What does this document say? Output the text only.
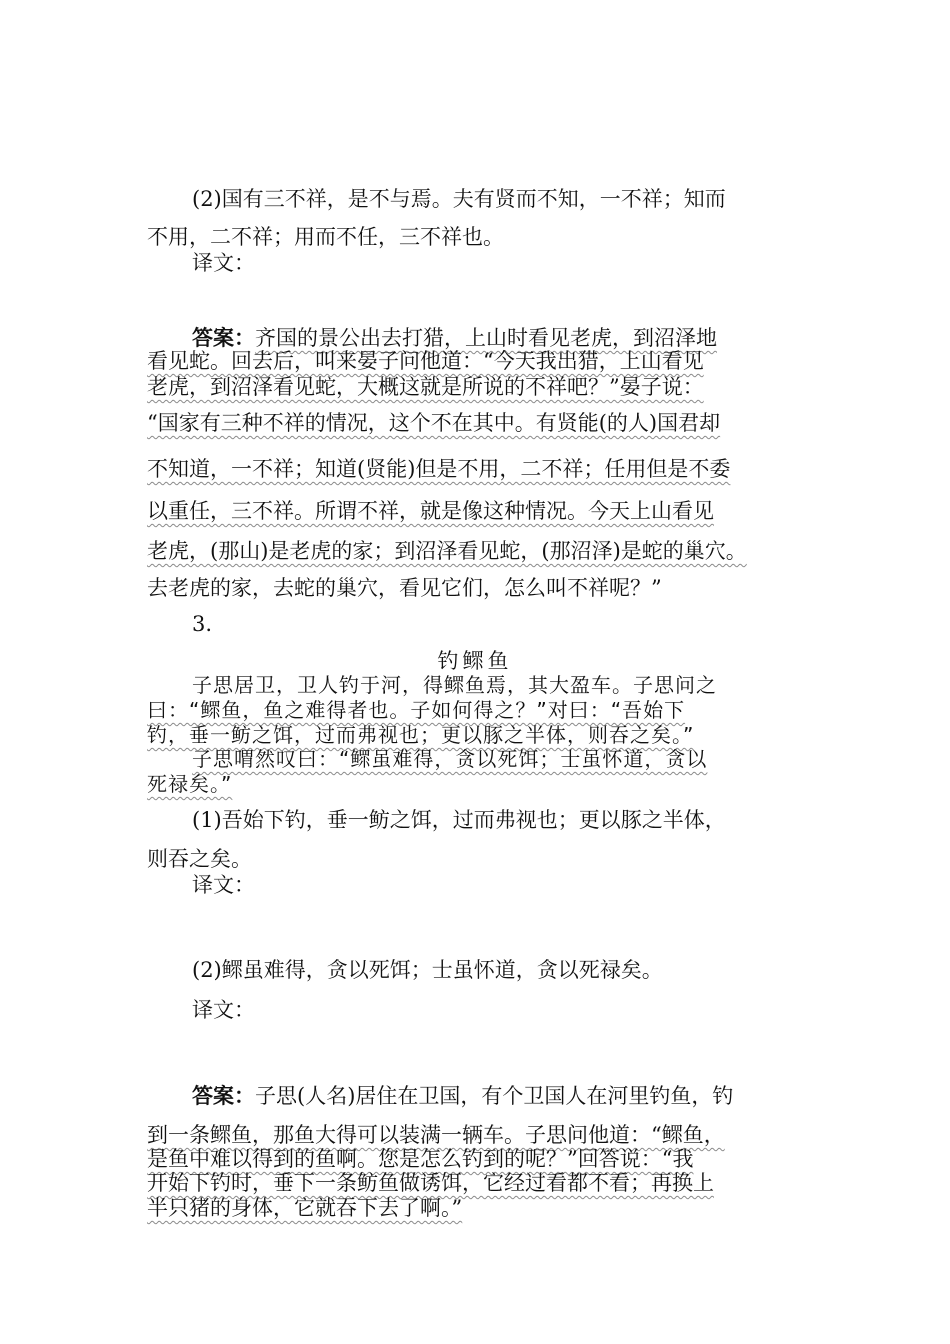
(2)国有三不祥，是不与焉。夫有贤而不知，一不祥；知而
不用，二不祥；用而不任，三不祥也。
译文：
答案：齐国的景公出去打猎，上山时看见老虎，到沼泽地
看见蛇。回去后，叫来晏子问他道：“今天我出猎，上山看见
老虎，到沼泽看见蛇，大概这就是所说的不祥吧？”晏子说：
“国家有三种不祥的情况，这个不在其中。有贤能(的人)国君却
不知道，一不祥；知道(贤能)但是不用，二不祥；任用但是不委
以重任，三不祥。所谓不祥，就是像这种情况。今天上山看见
老虎，(那山)是老虎的家；到沼泽看见蛇，(那沼泽)是蛇的巢穴。
去老虎的家，去蛇的巢穴，看见它们，怎么叫不祥呢？”
3.
钓鳏鱼
子思居卫，卫人钓于河，得鳏鱼焉，其大盈车。子思问之
曰：“鳏鱼，鱼之难得者也。子如何得之？”对曰：“吾始下
钓，垂一鲂之饵，过而弗视也；更以豚之半体，则吞之矣。”
子思喟然叹曰：“鳏虽难得，贪以死饵；士虽怀道，贪以
死禄矣。”
(1)吾始下钓，垂一鲂之饵，过而弗视也；更以豚之半体，
则吞之矣。
译文：
(2)鳏虽难得，贪以死饵；士虽怀道，贪以死禄矣。
译文：
答案：子思(人名)居住在卫国，有个卫国人在河里钓鱼，钓
到一条鳏鱼，那鱼大得可以装满一辆车。子思问他道：“鳏鱼，
是鱼中难以得到的鱼啊。您是怎么钓到的呢？”回答说：“我
开始下钓时，垂下一条鲂鱼做诱饵，它经过看都不看；再换上
半只猪的身体，它就吞下去了啊。”
